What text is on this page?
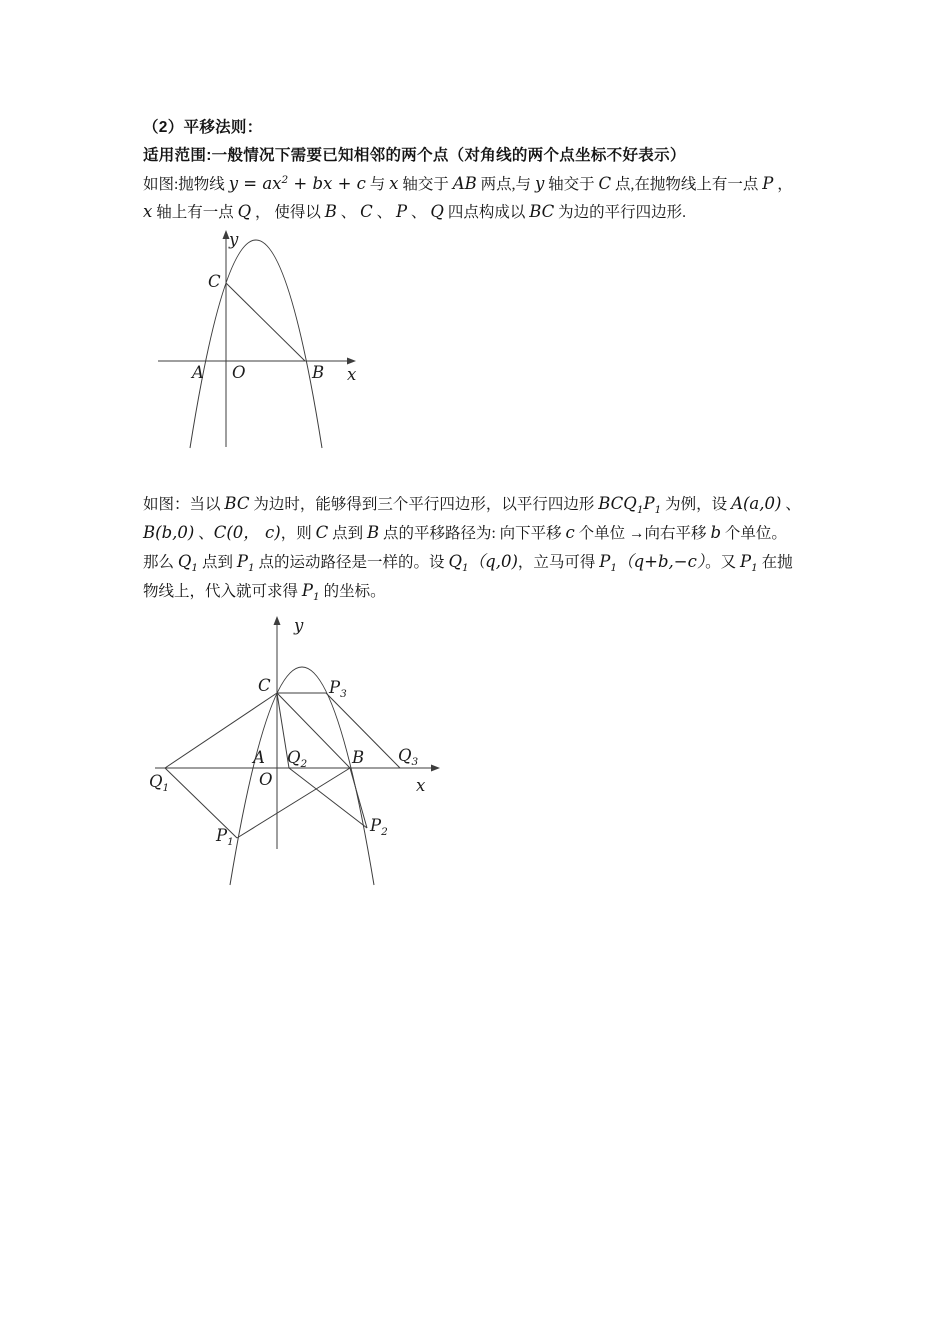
（2）平移法则：
适用范围:一般情况下需要已知相邻的两个点（对角线的两个点坐标不好表示）
如图:抛物线 $y = ax^2$ + bx + c 与 x 轴交于 AB 两点,与 y 轴交于 C 点,在抛物线上有一点 P ，
x 轴上有一点 Q ， 使得以 B 、 C 、 P 、 Q 四点构成以 BC 为边的平行四边形.
y
x
C
A O	B
如图：当以 BC 为边时，能够得到三个平行四边形，以平行四边形 $BCQ_1P_1$ 为例，设 A(a,0) 、
B(b,0) 、C(0， c)，则 C 点到 B 点的平移路径为: 向下平移 c 个单位 →向右平移 b 个单位。
那么 $Q_1$ 点到 $P_1$ 点的运动路径是一样的。设 $Q_1(q,0)$，立马可得 $P_1(q+b,-c)$。又 $P_1$ 在抛
物线上，代入就可求得 $P_1$ 的坐标。
y
x
C	$P_3$
A
O
$Q_1$
$Q_2$	B $Q_3$
$P_1$
$P_2$
